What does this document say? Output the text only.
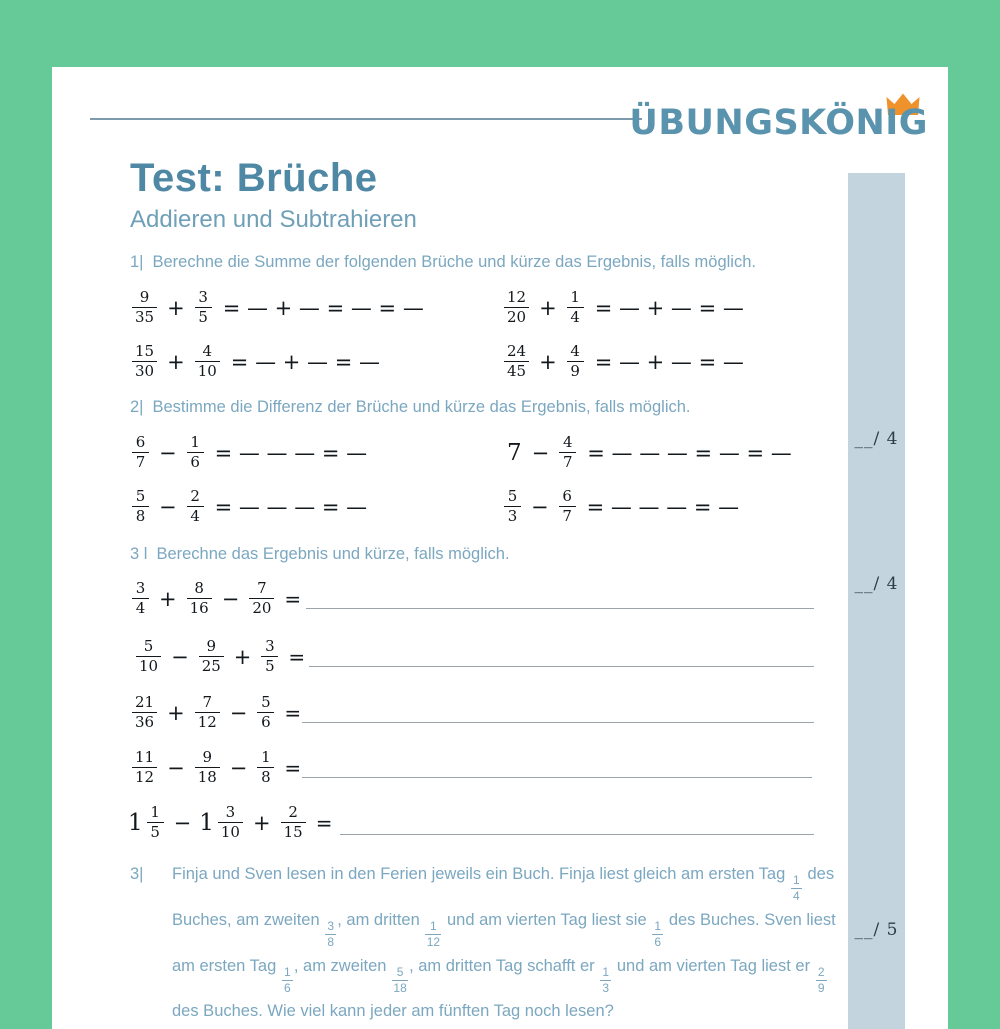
ÜBUNGSKÖNIG
Test: Brüche
Addieren und Subtrahieren
__/ 4
__/ 4
__/ 5
1| Berechne die Summe der folgenden Brüche und kürze das Ergebnis, falls möglich.
$\frac{9}{35} + \frac{3}{5}$ = — + — = — = —	$\frac{12}{20} + \frac{1}{4}$ = — + — = —
$\frac{15}{30} + \frac{4}{10}$ = — + — = —	$\frac{24}{45} + \frac{4}{9}$ = — + — = —
2| Bestimme die Differenz der Brüche und kürze das Ergebnis, falls möglich.
$\frac{6}{7} - \frac{1}{6}$ = — — — = —	$7 - \frac{4}{7}$ = — — — = — = —
$\frac{5}{8} - \frac{2}{4}$ = — — — = —	$\frac{5}{3} - \frac{6}{7}$ = — — — = —
3 l Berechne das Ergebnis und kürze, falls möglich.
$\frac{3}{4} + \frac{8}{16} - \frac{7}{20}$ =
$\frac{5}{10} - \frac{9}{25} + \frac{3}{5}$ =
$\frac{21}{36} + \frac{7}{12} - \frac{5}{6}$ =
$\frac{11}{12} - \frac{9}{18} - \frac{1}{8}$ =
$1 \frac{1}{5} - 1 \frac{3}{10} + \frac{2}{15}$ =
3|	Finja und Sven lesen in den Ferien jeweils ein Buch. Finja liest gleich am ersten Tag
$\frac{1}{4}$
des Buches, am zweiten
$\frac{3}{8}$
, am dritten
$\frac{1}{12}$
und am vierten Tag liest sie
$\frac{1}{6}$
des Buches. Sven liest am ersten Tag
$\frac{1}{6}$
, am zweiten
$\frac{5}{18}$
, am dritten Tag schafft er
$\frac{1}{3}$
und am vierten Tag liest er
$\frac{2}{9}$
des Buches. Wie viel kann jeder am fünften Tag noch lesen?
